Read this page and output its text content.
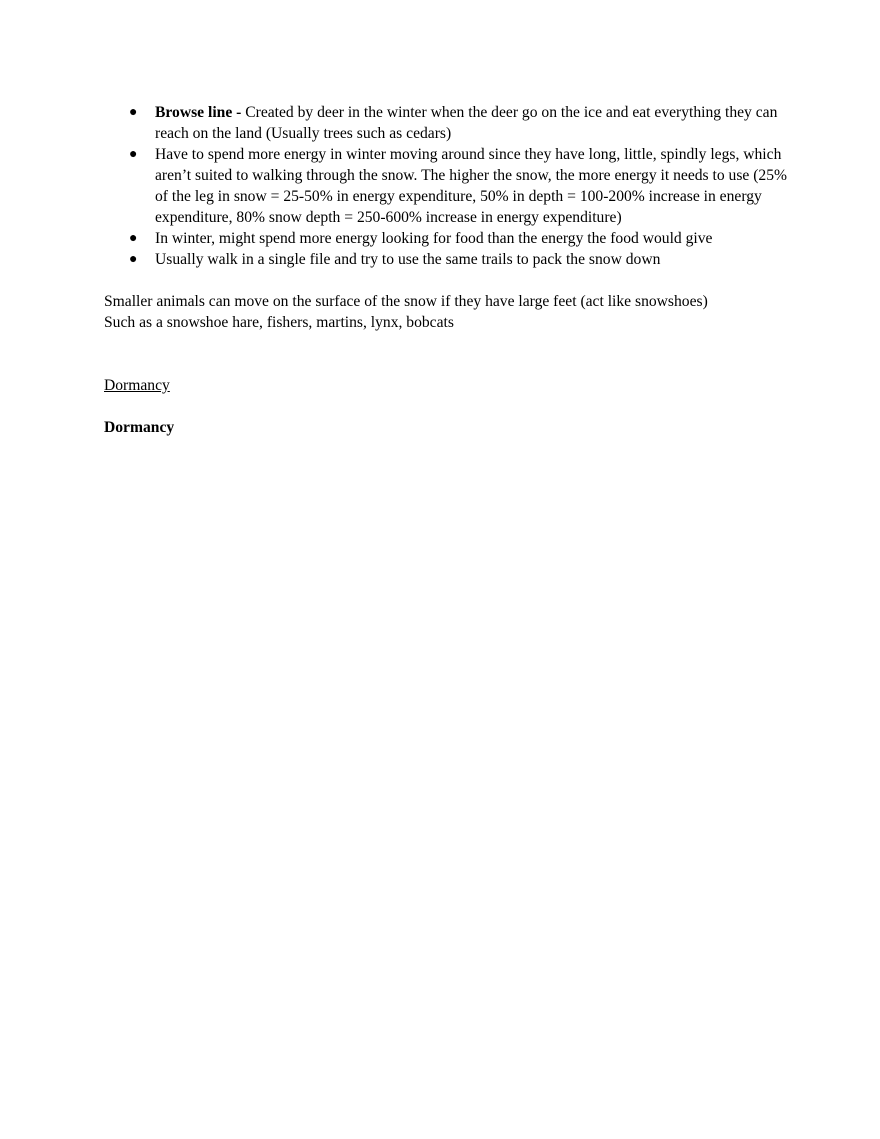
● Browse line - Created by deer in the winter when the deer go on the ice and eat everything they can reach on the land (Usually trees such as cedars)
● Have to spend more energy in winter moving around since they have long, little, spindly legs, which aren’t suited to walking through the snow. The higher the snow, the more energy it needs to use (25% of the leg in snow = 25-50% in energy expenditure, 50% in depth = 100-200% increase in energy expenditure, 80% snow depth = 250-600% increase in energy expenditure)
● In winter, might spend more energy looking for food than the energy the food would give
● Usually walk in a single file and try to use the same trails to pack the snow down

Smaller animals can move on the surface of the snow if they have large feet (act like snowshoes)

Such as a snowshoe hare, fishers, martins, lynx, bobcats

Dormancy
Dormancy
